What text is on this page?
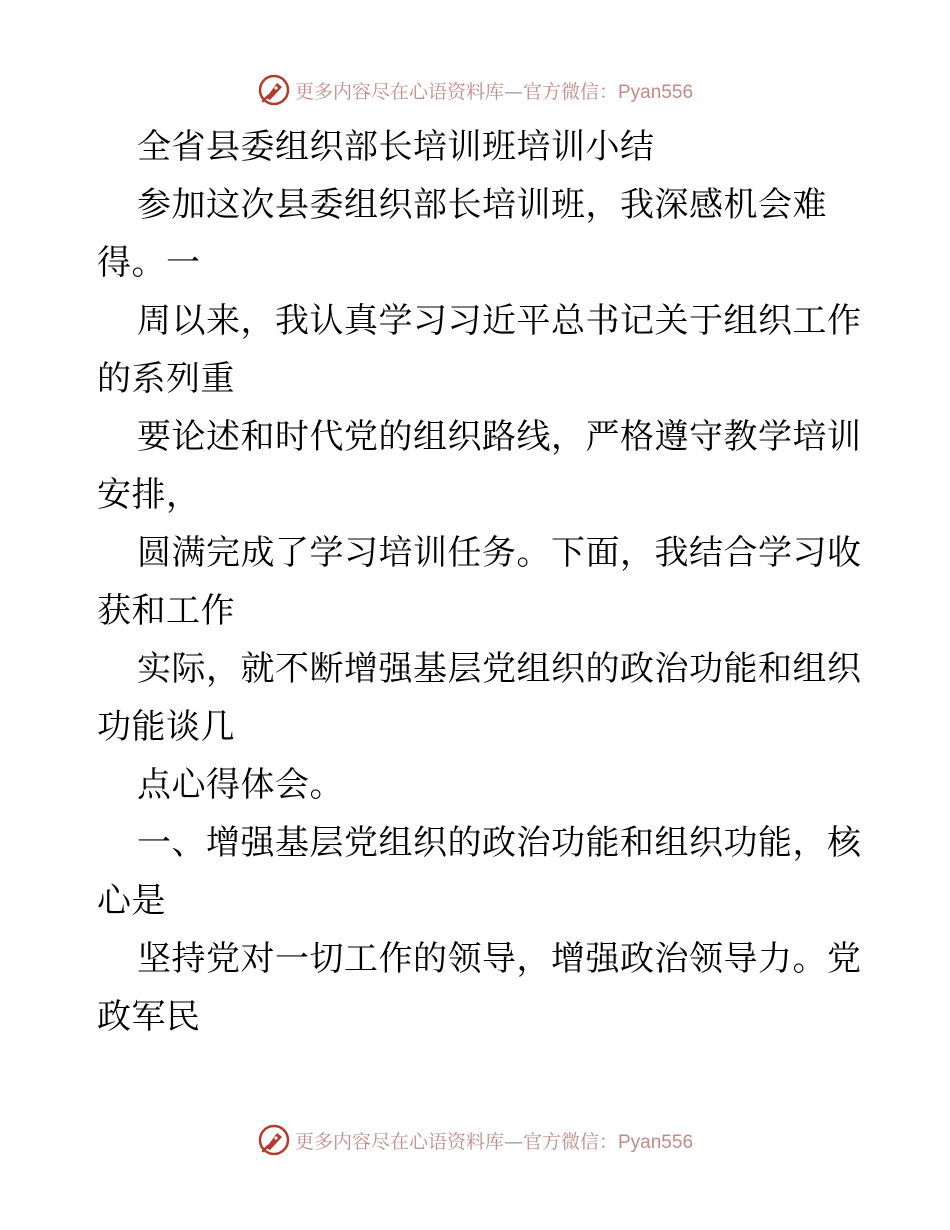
更多内容尽在心语资料库—官方微信：Pyan556
全省县委组织部长培训班培训小结
参加这次县委组织部长培训班，我深感机会难
得。一
周以来，我认真学习习近平总书记关于组织工作
的系列重
要论述和时代党的组织路线，严格遵守教学培训
安排，
圆满完成了学习培训任务。下面，我结合学习收
获和工作
实际，就不断增强基层党组织的政治功能和组织
功能谈几
点心得体会。
一、增强基层党组织的政治功能和组织功能，核
心是
坚持党对一切工作的领导，增强政治领导力。党
政军民
更多内容尽在心语资料库—官方微信：Pyan556
